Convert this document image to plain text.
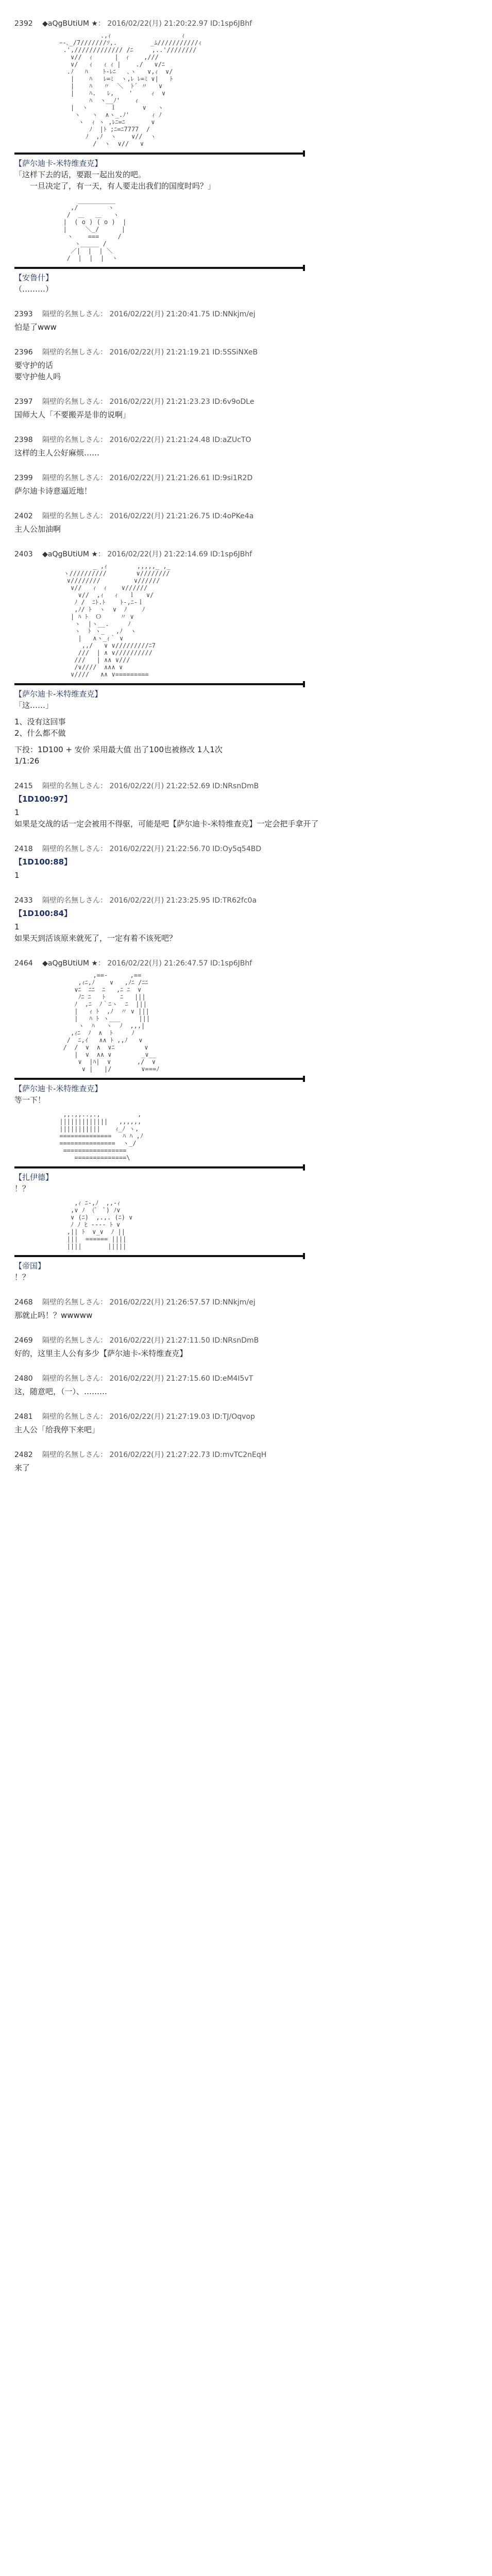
2392 ◆aQgBUtiUM ★： 2016/02/22(月) 21:20:22.97 ID:1sp6JBhf
.,ｨ                   ｨ
ｰ-､_/7///////ｿ,.         _ﾑ///////////ｨ
.',///////////// /ﾆ     ,..'////////
∨//  ｨ      |  ｨ    ,///
∨/   ｨ   ｨ ｨ |    ./   ∨/ﾆ
.ﾉ   ﾊ    ﾄ-ﾚﾆ   ､ヽ   ∨,ｨ  ∨/
|    ﾊ   ﾚ=ﾐ  ヽ,ﾚ ﾚ=ﾐ ∨|   ﾄ
|    ﾊ   〃  ＼  ﾄ´ 〃   ∨
|    ﾊ.   ﾚ,    '     ｨ  ∨
ﾊ  ヽ__ﾉ'    ｨ
|  ヽ      ｌ       ∨   ヽ
ヽ   ヽ  ∧ヽ_.ﾉ'      ｨ ﾉ
ヽ  ｨ ヽ ,ﾚﾆ=ﾆ       ∨
ﾉ  |ﾄ ;ﾆ=ﾆ7777  /
ﾉ  ,ﾉ  ヽ    ∨//  ヽ
/  ヽ  ∨//   ∨
【萨尔迪卡-米特维查克】
「这样下去的话，要跟一起出发的吧。
　　一旦决定了，有一天，有人要走出我们的国度时吗？」
__________
,/        ヽ
/  ＿   ＿   ヽ
|  ( o ) ( o )  |
|     ＼_/      |
ヽ    ===     /
ヽ_____ /
／|  |  | ＼
/  |  |  |  ヽ
【安鲁什】
（………）
2393 隔壁的名無しさん： 2016/02/22(月) 21:20:41.75 ID:NNkjm/ej
怕是了www
2396 隔壁的名無しさん： 2016/02/22(月) 21:21:19.21 ID:5SSiNXeB
要守护的话
要守护他人吗
2397 隔壁的名無しさん： 2016/02/22(月) 21:21:23.23 ID:6v9oDLe
国师大人「不要搬弄是非的说啊」
2398 隔壁的名無しさん： 2016/02/22(月) 21:21:24.48 ID:aZUcTO
这样的主人公好麻烦……
2399 隔壁的名無しさん： 2016/02/22(月) 21:21:26.61 ID:9si1R2D
萨尔迪卡诗意逼近地！
2402 隔壁的名無しさん： 2016/02/22(月) 21:21:26.75 ID:4oPKe4a
主人公加油啊
2403 ◆aQgBUtiUM ★： 2016/02/22(月) 21:22:14.69 ID:1sp6JBhf
_ ,ｨ        ,,,,,_ ,_
ヽ//////////        ∨////////
∨////////         ∨//////
∨//   ｨ  ｨ    ∨//////
∨//  ,ｨ   ｨ   ｌ   ∨/
ﾉ /  ﾆﾄ.ﾄ    ﾄ-,ﾆ-ｌ
,ﾉ/ ﾄ  ヽ  ∨  ﾉ    ﾉ
| ﾊ ﾄ  Ｏ     〃 ∨
ヽ  |ヽ__.     ﾉ
ヽ  ﾄ ヽ_   ,ﾉ  ヽ
|   ∧ヽ_ｨ｀ ∨
,,/   ∨ ∨/////////ﾆ7
///  | ∧ ∨//////////
///   | ∧∧ ∨///
/∨////  ∧∧∧ ∨
∨////   ∧∧ ∨=========
【萨尔迪卡-米特维查克】
「这……」
1、没有这回事
2、什么都不做
下投：1D100 + 安价 采用最大值 出了100也被修改 1人1次
1/1:26
2415 隔壁的名無しさん： 2016/02/22(月) 21:22:52.69 ID:NRsnDmB
【1D100:97】
1
如果是交战的话一定会被用不得驱，可能是吧【萨尔迪卡-米特维查克】一定会把手拿开了
2418 隔壁的名無しさん： 2016/02/22(月) 21:22:56.70 ID:Oy5q54BD
【1D100:88】
1
2433 隔壁的名無しさん： 2016/02/22(月) 21:23:25.95 ID:TR62fc0a
【1D100:84】
1
如果天到活该原来就死了，一定有着不该死吧？
2464 ◆aQgBUtiUM ★： 2016/02/22(月) 21:26:47.57 ID:1sp6JBhf
,==-      ,==
,ｨﾆ,ﾉ    ∨   ,ﾉﾆ /ﾆﾆ
∨ﾆ  ﾆﾆ  ﾆ   ,ﾆ ﾆ  ∨
ﾉﾆ ﾆ   ﾄ    ﾆ   |||
ﾉ  ,ﾆ  ﾉ｀ﾆヽ  ﾆ  |||
|   ｨ ﾄ  ,ﾉ  〃 ∨ |||
|   ﾊ ﾄ ヽ___     |||
ヽ  ﾊ   ヽ  ﾉ  ,,,|
,ｨﾆ  ﾉ  ∧  ﾄ     ﾉ
/  ﾆ,ｲ   ∧∧ ﾄ ,,ﾉ   ∨
/  /  ∨  ∧  ∨ﾆ        ∨
|  ∨  ∧∧ ∨        _∨__
∨  |ﾊ|  ∨       ,/  ∨
∨ |   |/        ∨===ﾉ
【萨尔迪卡-米特维查克】
等一下！
,,.,,..,.,          ,
|||||||||||||   ,,,,,,
|||||||||||    ｨ_ﾉ ヽ,
==============   ﾊ ﾊ ,ﾉ
===============  ヽ_/
=================
==============\
【扎伊德】
！？
,ｨ ﾆ-,ﾉ  ,,-ｨ
,∨ ﾉ  (ﾟ  ﾟ) ﾉ∨
∨ (ﾆ)  ,.,. (ﾆ) ∨
ﾉ ﾉ ﾋ ---- ﾄ ∨
,|| ﾄ  ∨_∨  ﾉ ||
|||  ====== ||||
||||       |||||
【帝国】
！？
2468 隔壁的名無しさん： 2016/02/22(月) 21:26:57.57 ID:NNkjm/ej
那就止吗！？wwwww
2469 隔壁的名無しさん： 2016/02/22(月) 21:27:11.50 ID:NRsnDmB
好的，这里主人公有多少【萨尔迪卡-米特维查克】
2480 隔壁的名無しさん： 2016/02/22(月) 21:27:15.60 ID:eM4I5vT
这，随意吧，（一）、………
2481 隔壁的名無しさん： 2016/02/22(月) 21:27:19.03 ID:TJ/Oqvop
主人公「给我停下来吧」
2482 隔壁的名無しさん： 2016/02/22(月) 21:27:22.73 ID:mvTC2nEqH
来了
